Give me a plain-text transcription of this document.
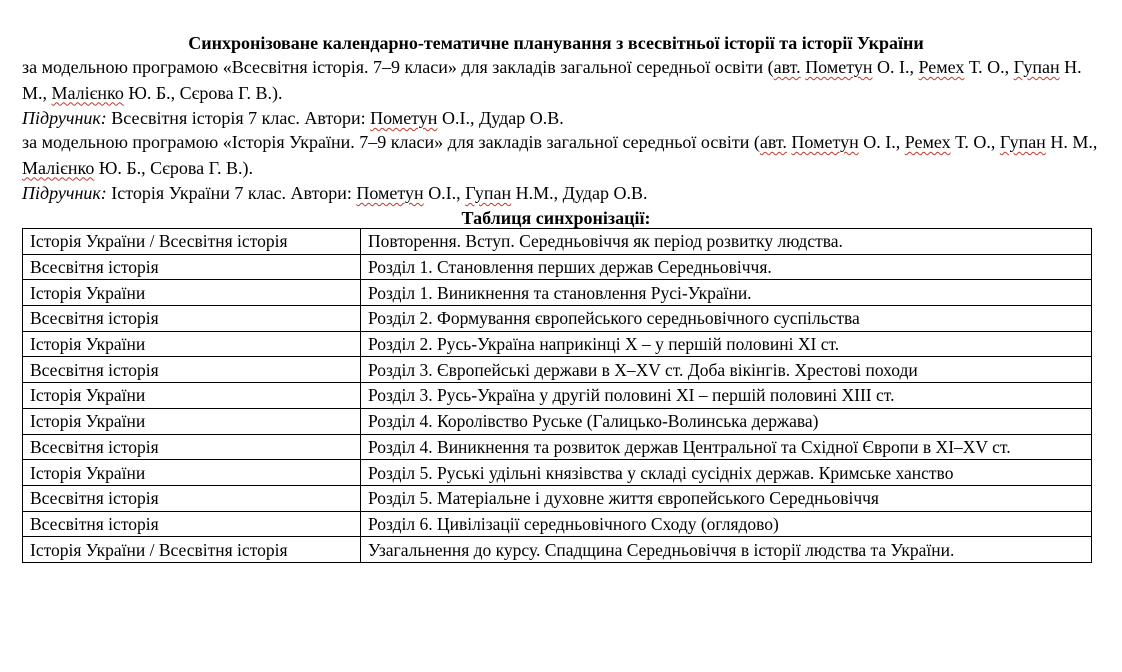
Синхронізоване календарно-тематичне планування з всесвітньої історії та історії України

за модельною програмою «Всесвітня історія. 7–9 класи» для закладів загальної середньої освіти (авт. Пометун О. І., Ремех Т. О., Гупан Н. М., Малієнко Ю. Б., Сєрова Г. В.).

Підручник: Всесвітня історія 7 клас. Автори: Пометун О.І., Дудар О.В.

за модельною програмою «Історія України. 7–9 класи» для закладів загальної середньої освіти (авт. Пометун О. І., Ремех Т. О., Гупан Н. М., Малієнко Ю. Б., Сєрова Г. В.).

Підручник: Історія України 7 клас. Автори: Пометун О.І., Гупан Н.М., Дудар О.В.

Таблиця синхронізації:

Історія України / Всесвітня історія	Повторення. Вступ. Середньовіччя як період розвитку людства.
Всесвітня історія	Розділ 1. Становлення перших держав Середньовіччя.
Історія України	Розділ 1. Виникнення та становлення Русі-України.
Всесвітня історія	Розділ 2. Формування європейського середньовічного суспільства
Історія України	Розділ 2. Русь-Україна наприкінці Х – у першій половині ХІ ст.
Всесвітня історія	Розділ 3. Європейські держави в X–XV ст. Доба вікінгів. Хрестові походи
Історія України	Розділ 3. Русь-Україна у другій половині ХІ – першій половині ХІІІ ст.
Історія України	Розділ 4. Королівство Руське (Галицько-Волинська держава)
Всесвітня історія	Розділ 4. Виникнення та розвиток держав Центральної та Східної Європи в XI–XV ст.
Історія України	Розділ 5. Руські удільні князівства у складі сусідніх держав. Кримське ханство
Всесвітня історія	Розділ 5. Матеріальне і духовне життя європейського Середньовіччя
Всесвітня історія	Розділ 6. Цивілізації середньовічного Сходу (оглядово)
Історія України / Всесвітня історія	Узагальнення до курсу. Спадщина Середньовіччя в історії людства та України.
